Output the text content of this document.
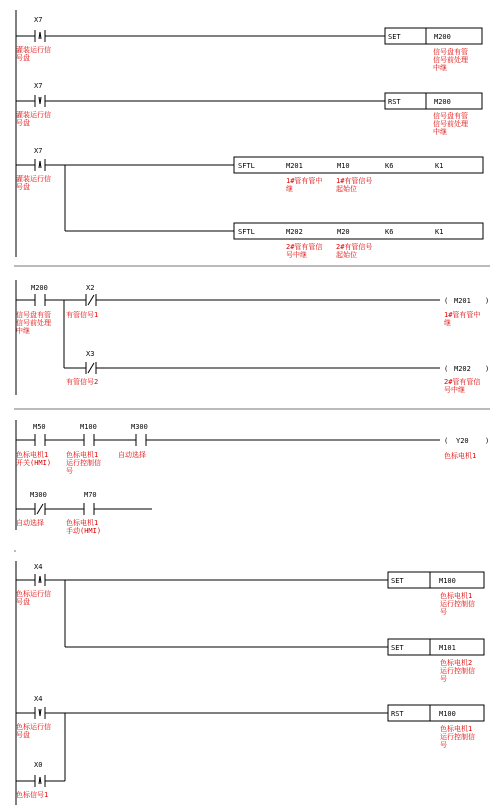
X7
灌装运行信
号盘
SET	M200
信号盘有管
信号前处理
中继
X7
灌装运行信
号盘
RST	M200
信号盘有管
信号前处理
中继
X7
灌装运行信
号盘
SFTL	M201	M10	K6	K1
1#管有管中
继
1#有管信号
起始位
SFTL	M202	M20	K6	K1
2#管有管信
号中继
2#有管信号
起始位
M200
信号盘有管
信号前处理
中继
X2
有管信号1
( M201 )
1#管有管中
继
X3
有管信号2
( M202 )
2#管有管信
号中继
M50
色标电机1
开关(HMI)
M100
色标电机1
运行控制信
号
M300
自动选择
( Y20 )
色标电机1
M300
自动选择
M70
色标电机1
手动(HMI)
X4
色标运行信
号盘
SET	M100
色标电机1
运行控制信
号
SET	M101
色标电机2
运行控制信
号
X4
色标运行信
号盘
RST	M100
色标电机1
运行控制信
号
X0
色标信号1
